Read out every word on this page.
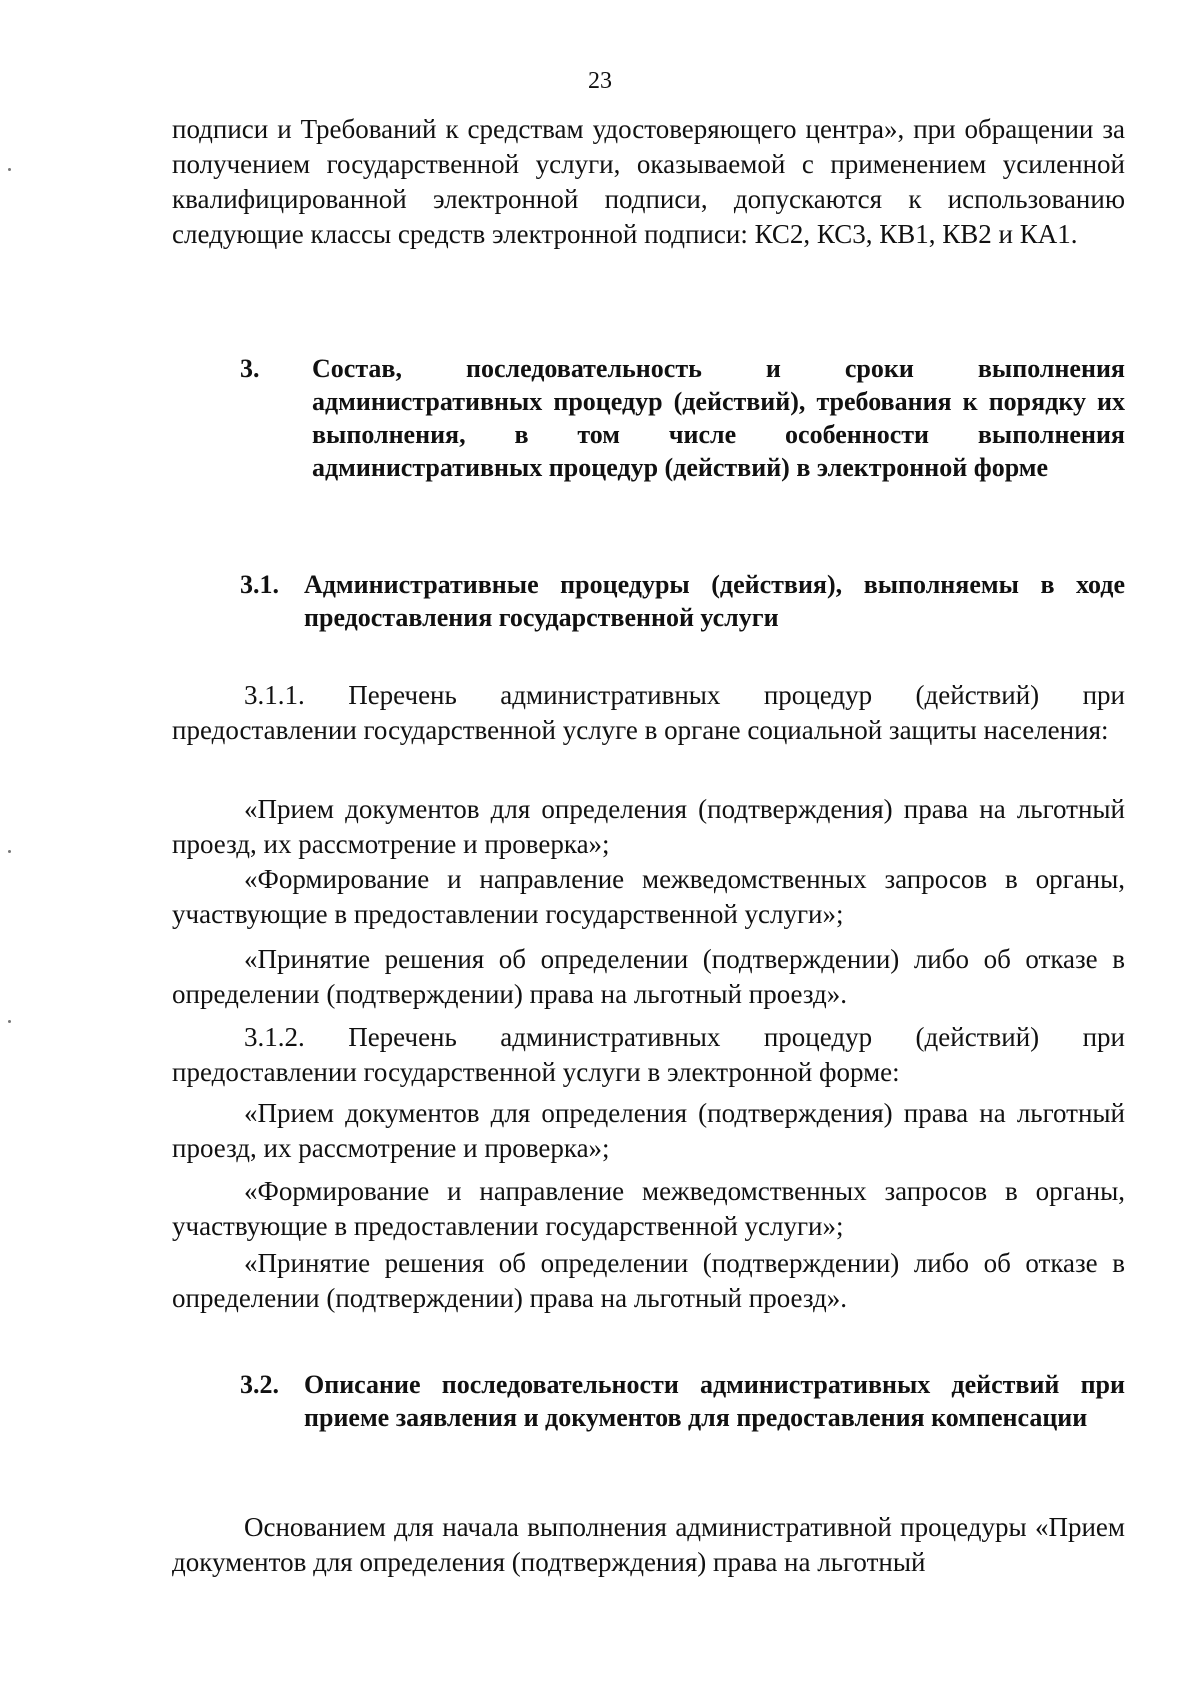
23

подписи и Требований к средствам удостоверяющего центра», при обращении за получением государственной услуги, оказываемой с применением усиленной квалифицированной электронной подписи, допускаются к использованию следующие классы средств электронной подписи: КС2, КС3, КВ1, КВ2 и КА1.

3. Состав, последовательность и сроки выполнения административных процедур (действий), требования к порядку их выполнения, в том числе особенности выполнения административных процедур (действий) в электронной форме
3.1. Административные процедуры (действия), выполняемы в ходе предоставления государственной услуги

3.1.1. Перечень административных процедур (действий) при предоставлении государственной услуге в органе социальной защиты населения:

«Прием документов для определения (подтверждения) права на льготный проезд, их рассмотрение и проверка»;

«Формирование и направление межведомственных запросов в органы, участвующие в предоставлении государственной услуги»;

«Принятие решения об определении (подтверждении) либо об отказе в определении (подтверждении) права на льготный проезд».

3.1.2. Перечень административных процедур (действий) при предоставлении государственной услуги в электронной форме:

«Прием документов для определения (подтверждения) права на льготный проезд, их рассмотрение и проверка»;

«Формирование и направление межведомственных запросов в органы, участвующие в предоставлении государственной услуги»;

«Принятие решения об определении (подтверждении) либо об отказе в определении (подтверждении) права на льготный проезд».

3.2. Описание последовательности административных действий при приеме заявления и документов для предоставления компенсации

Основанием для начала выполнения административной процедуры «Прием документов для определения (подтверждения) права на льготный
